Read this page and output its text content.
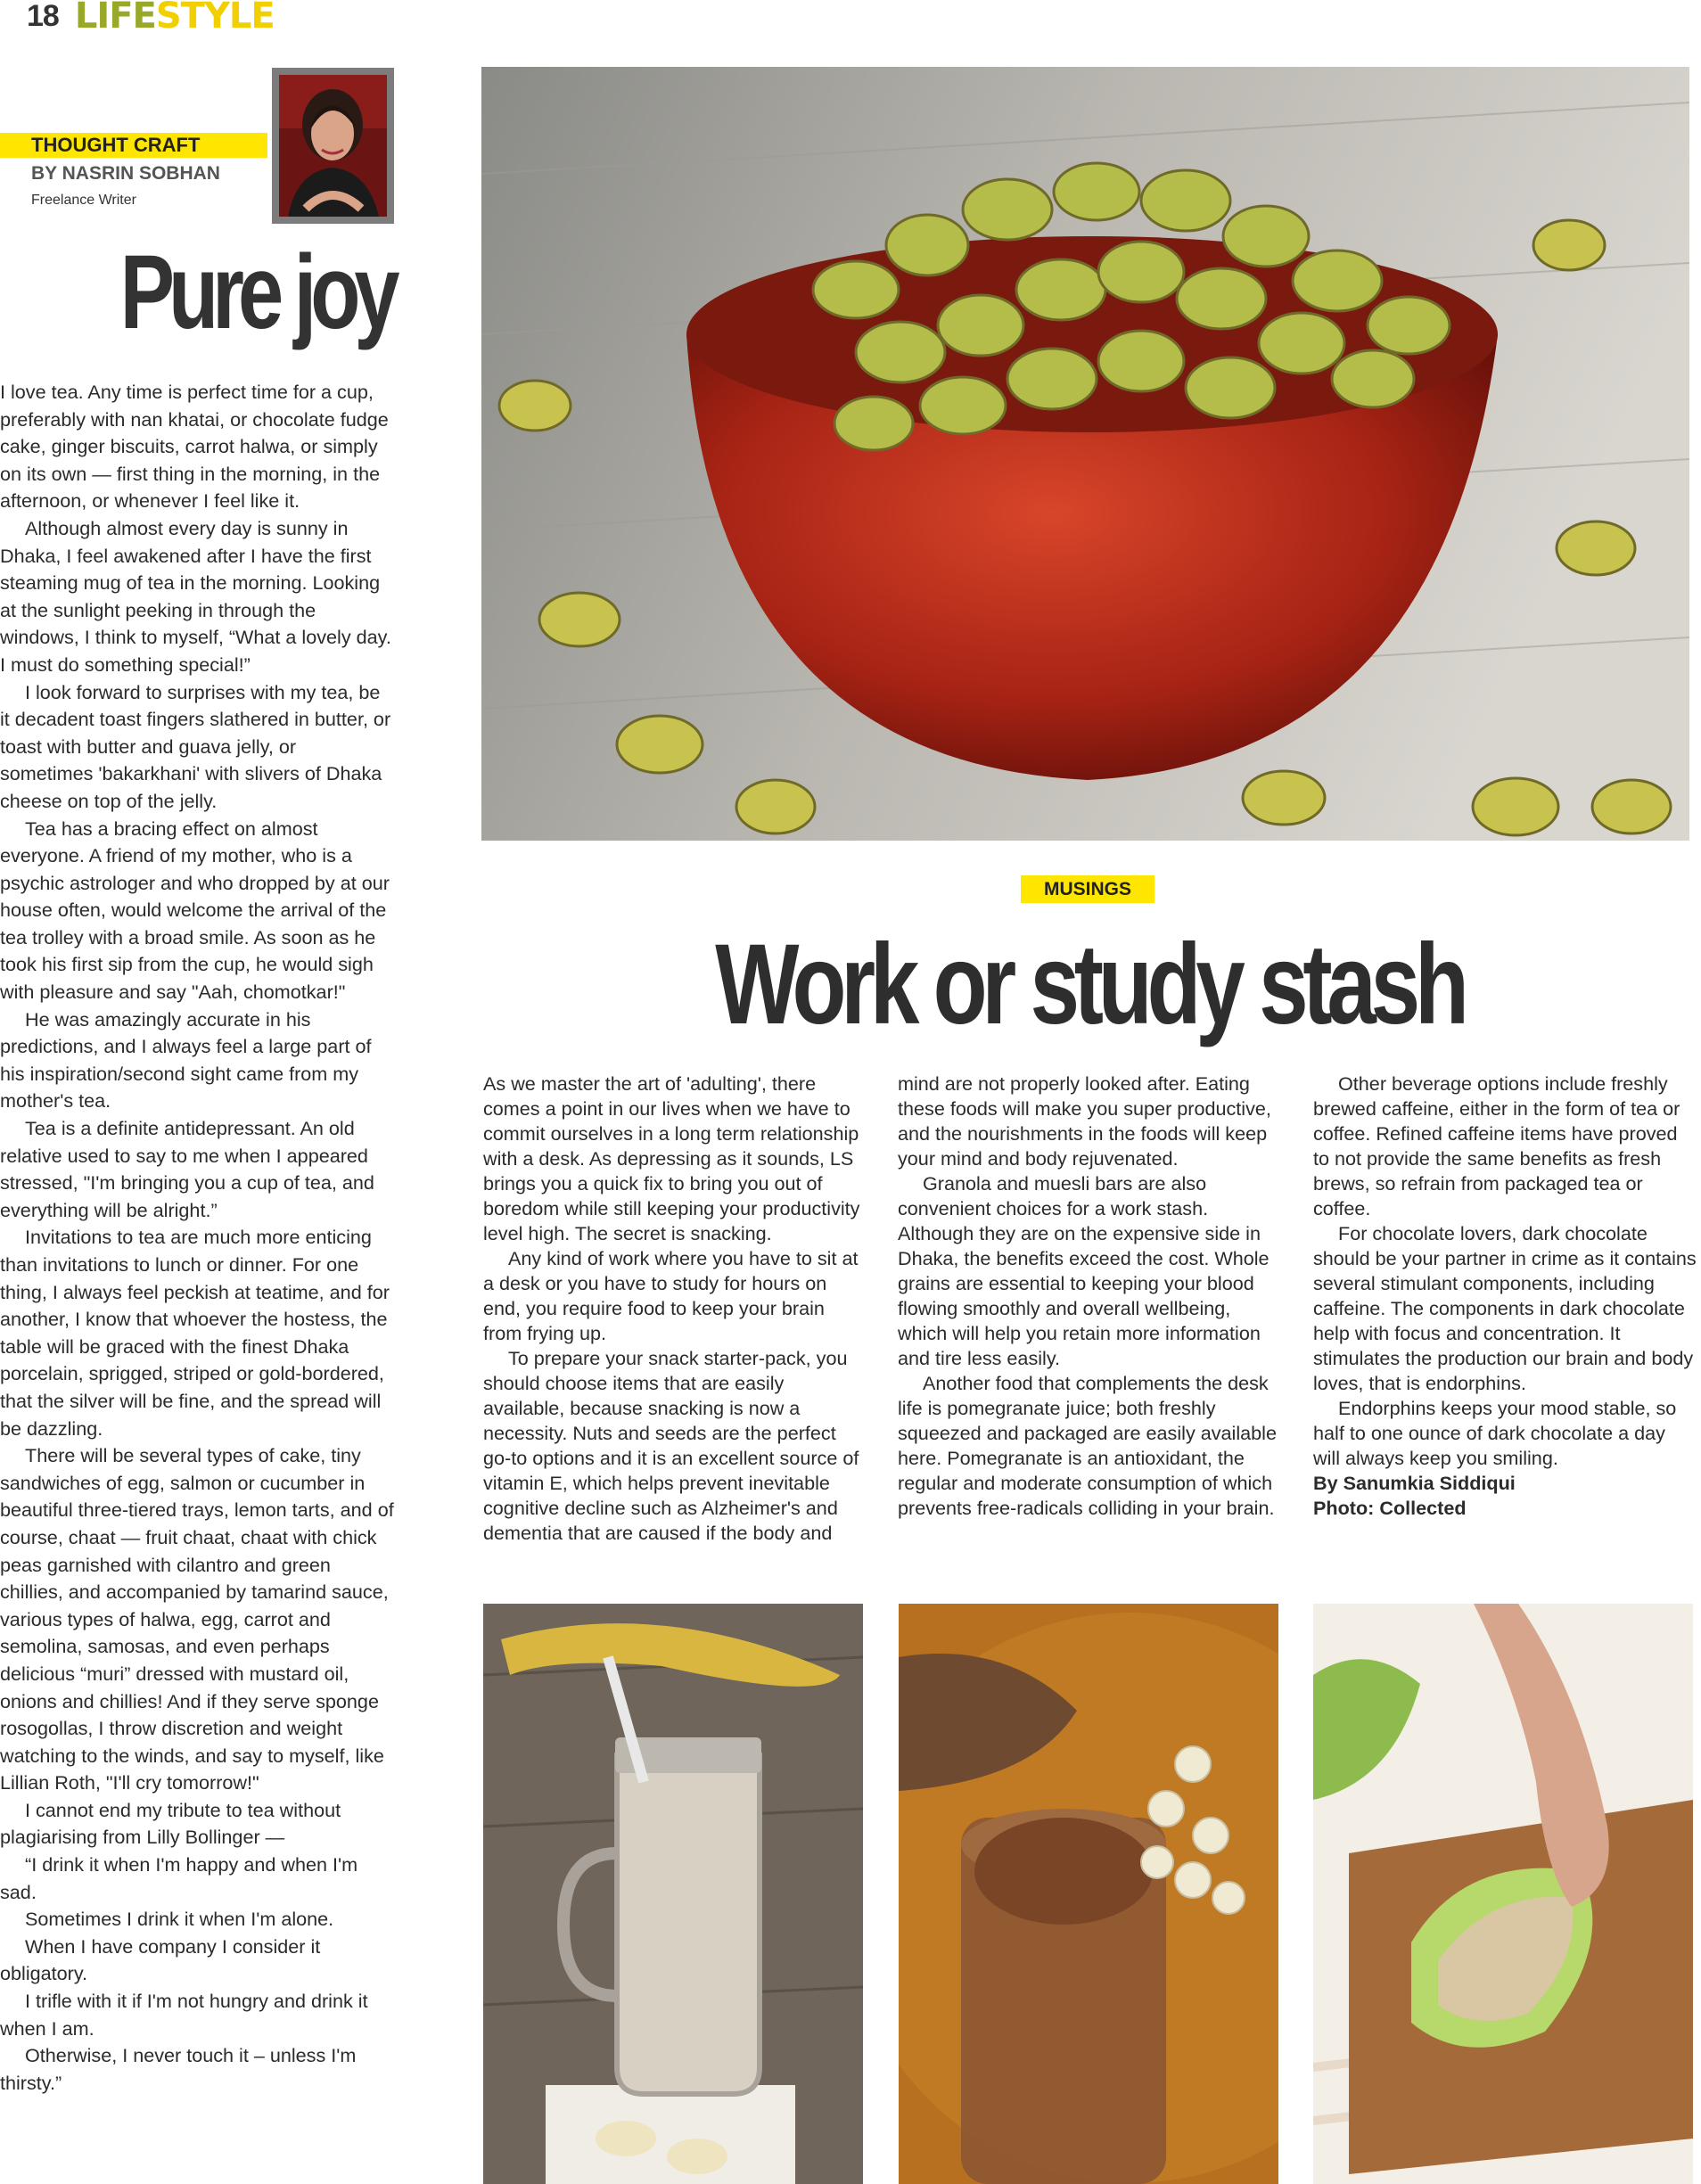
18 LIFESTYLE
THOUGHT CRAFT
BY NASRIN SOBHAN
Freelance Writer
Pure joy

I love tea. Any time is perfect time for a cup, preferably with nan khatai, or chocolate fudge cake, ginger biscuits, carrot halwa, or simply on its own — first thing in the morning, in the afternoon, or whenever I feel like it.

Although almost every day is sunny in Dhaka, I feel awakened after I have the first steaming mug of tea in the morning. Looking at the sunlight peeking in through the windows, I think to myself, “What a lovely day. I must do something special!”

I look forward to surprises with my tea, be it decadent toast fingers slathered in butter, or toast with butter and guava jelly, or sometimes 'bakarkhani' with slivers of Dhaka cheese on top of the jelly.

Tea has a bracing effect on almost everyone. A friend of my mother, who is a psychic astrologer and who dropped by at our house often, would welcome the arrival of the tea trolley with a broad smile. As soon as he took his first sip from the cup, he would sigh with pleasure and say "Aah, chomotkar!"

He was amazingly accurate in his predictions, and I always feel a large part of his inspiration/second sight came from my mother's tea.

Tea is a definite antidepressant. An old relative used to say to me when I appeared stressed, "I'm bringing you a cup of tea, and everything will be alright.”

Invitations to tea are much more enticing than invitations to lunch or dinner. For one thing, I always feel peckish at teatime, and for another, I know that whoever the hostess, the table will be graced with the finest Dhaka porcelain, sprigged, striped or gold-bordered, that the silver will be fine, and the spread will be dazzling.

There will be several types of cake, tiny sandwiches of egg, salmon or cucumber in beautiful three-tiered trays, lemon tarts, and of course, chaat — fruit chaat, chaat with chick peas garnished with cilantro and green chillies, and accompanied by tamarind sauce, various types of halwa, egg, carrot and semolina, samosas, and even perhaps delicious “muri” dressed with mustard oil, onions and chillies! And if they serve sponge rosogollas, I throw discretion and weight watching to the winds, and say to myself, like Lillian Roth, "I'll cry tomorrow!"

I cannot end my tribute to tea without plagiarising from Lilly Bollinger —

“I drink it when I'm happy and when I'm sad.

Sometimes I drink it when I'm alone.

When I have company I consider it obligatory.

I trifle with it if I'm not hungry and drink it when I am.

Otherwise, I never touch it – unless I'm thirsty.”

MUSINGS
Work or study stash

As we master the art of 'adulting', there comes a point in our lives when we have to commit ourselves in a long term relationship with a desk. As depressing as it sounds, LS brings you a quick fix to bring you out of boredom while still keeping your productivity level high. The secret is snacking.

Any kind of work where you have to sit at a desk or you have to study for hours on end, you require food to keep your brain from frying up.

To prepare your snack starter-pack, you should choose items that are easily available, because snacking is now a necessity. Nuts and seeds are the perfect go-to options and it is an excellent source of vitamin E, which helps prevent inevitable cognitive decline such as Alzheimer's and dementia that are caused if the body and

mind are not properly looked after. Eating these foods will make you super productive, and the nourishments in the foods will keep your mind and body rejuvenated.

Granola and muesli bars are also convenient choices for a work stash. Although they are on the expensive side in Dhaka, the benefits exceed the cost. Whole grains are essential to keeping your blood flowing smoothly and overall wellbeing, which will help you retain more information and tire less easily.

Another food that complements the desk life is pomegranate juice; both freshly squeezed and packaged are easily available here. Pomegranate is an antioxidant, the regular and moderate consumption of which prevents free-radicals colliding in your brain.

Other beverage options include freshly brewed caffeine, either in the form of tea or coffee. Refined caffeine items have proved to not provide the same benefits as fresh brews, so refrain from packaged tea or coffee.

For chocolate lovers, dark chocolate should be your partner in crime as it contains several stimulant components, including caffeine. The components in dark chocolate help with focus and concentration. It stimulates the production our brain and body loves, that is endorphins.

Endorphins keeps your mood stable, so half to one ounce of dark chocolate a day will always keep you smiling.

By Sanumkia Siddiqui
Photo: Collected
